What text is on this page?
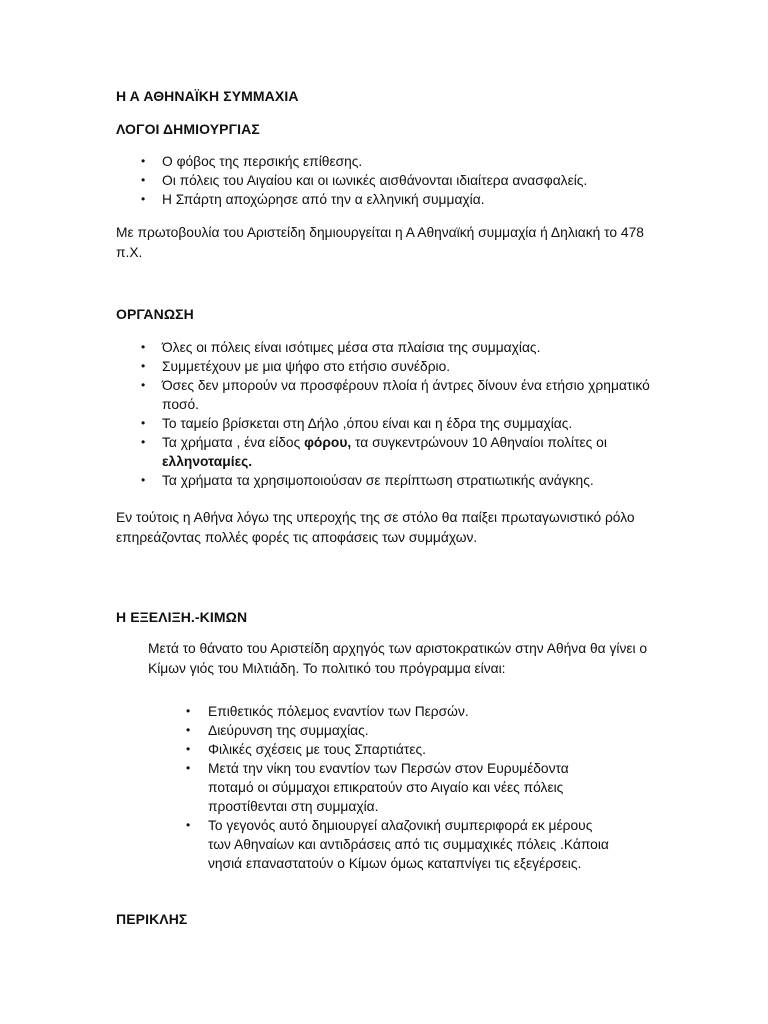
Η Α ΑΘΗΝΑΪΚΗ ΣΥΜΜΑΧΙΑ
ΛΟΓΟΙ ΔΗΜΙΟΥΡΓΙΑΣ
• Ο φόβος της περσικής επίθεσης.
• Οι πόλεις του Αιγαίου και οι ιωνικές αισθάνονται ιδιαίτερα ανασφαλείς.
• Η Σπάρτη αποχώρησε από την α ελληνική συμμαχία.

Με πρωτοβουλία του Αριστείδη δημιουργείται η Α Αθηναϊκή συμμαχία ή Δηλιακή το 478 π.Χ.

ΟΡΓΑΝΩΣΗ
• Όλες οι πόλεις είναι ισότιμες μέσα στα πλαίσια της συμμαχίας.
• Συμμετέχουν με μια ψήφο στο ετήσιο συνέδριο.
• Όσες δεν μπορούν να προσφέρουν πλοία ή άντρες δίνουν ένα ετήσιο χρηματικό ποσό.
• Το ταμείο βρίσκεται στη Δήλο ,όπου είναι και η έδρα της συμμαχίας.
• Τα χρήματα , ένα είδος φόρου, τα συγκεντρώνουν 10 Αθηναίοι πολίτες οι ελληνοταμίες.
• Τα χρήματα τα χρησιμοποιούσαν σε περίπτωση στρατιωτικής ανάγκης.

Εν τούτοις η Αθήνα λόγω της υπεροχής της σε στόλο θα παίξει πρωταγωνιστικό ρόλο επηρεάζοντας πολλές φορές τις αποφάσεις των συμμάχων.

Η ΕΞΕΛΙΞΗ.-ΚΙΜΩΝ

Μετά το θάνατο του Αριστείδη αρχηγός των αριστοκρατικών στην Αθήνα θα γίνει ο Κίμων γιός του Μιλτιάδη. Το πολιτικό του πρόγραμμα είναι:

• Επιθετικός πόλεμος εναντίον των Περσών.
• Διεύρυνση της συμμαχίας.
• Φιλικές σχέσεις με τους Σπαρτιάτες.
• Μετά την νίκη του εναντίον των Περσών στον Ευρυμέδοντα ποταμό οι σύμμαχοι επικρατούν στο Αιγαίο και νέες πόλεις προστίθενται στη συμμαχία.
• Το γεγονός αυτό δημιουργεί αλαζονική συμπεριφορά εκ μέρους των Αθηναίων και αντιδράσεις από τις συμμαχικές πόλεις .Κάποια νησιά επαναστατούν ο Κίμων όμως καταπνίγει τις εξεγέρσεις.
ΠΕΡΙΚΛΗΣ
